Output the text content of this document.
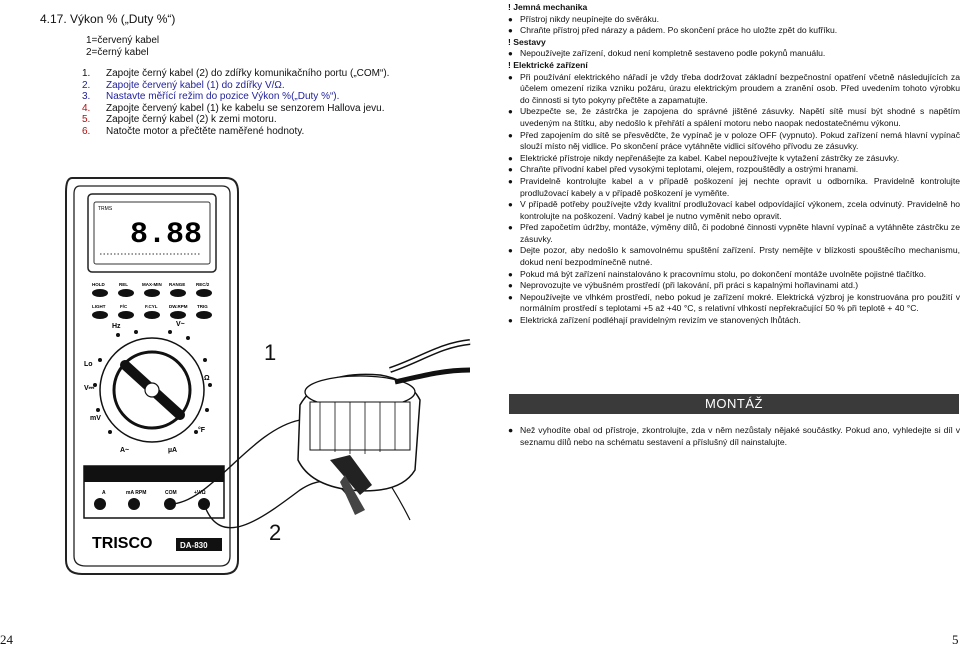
4.17. Výkon % („Duty %“)
1=červený kabel
2=černý kabel
1.	Zapojte černý kabel (2) do zdířky komunikačního portu („COM“).
2.	Zapojte červený kabel (1) do zdířky V/Ω.
3.	Nastavte měřící režim do pozice Výkon %(„Duty %“).
4.	Zapojte červený kabel (1) ke kabelu se senzorem Hallova jevu.
5.	Zapojte černý kabel (2) k zemi motoru.
6.	Natočte motor a přečtěte naměřené hodnoty.
TRMS
8.88
HOLD	REL	MAX-MIN RANGE REC/2
LIGHT	F/C	F.CYL	DW.RPM TRIG
Hz	V~
Ω
Lo
V⎓
mV
A~	µA
°F
A	mA RPM	COM	+V/Ω
TRISCO	DA-830
1
2
24
! Jemná mechanika
● Přístroj nikdy neupínejte do svěráku.
● Chraňte přístroj před nárazy a pádem. Po skončení práce ho uložte zpět do kufříku.
! Sestavy
● Nepoužívejte zařízení, dokud není kompletně sestaveno podle pokynů manuálu.
! Elektrické zařízení
● Při používání elektrického nářadí je vždy třeba dodržovat základní bezpečnostní opatření včetně následujících za účelem omezení rizika vzniku požáru, úrazu elektrickým proudem a zranění osob. Před uvedením tohoto výrobku do činnosti si tyto pokyny přečtěte a zapamatujte.
● Ubezpečte se, že zástrčka je zapojena do správné jištěné zásuvky. Napětí sítě musí být shodné s napětím uvedeným na štítku, aby nedošlo k přehřátí a spálení motoru nebo naopak nedostatečnému výkonu.
● Před zapojením do sítě se přesvědčte, že vypínač je v poloze OFF (vypnuto). Pokud zařízení nemá hlavní vypínač slouží místo něj vidlice. Po skončení práce vytáhněte vidlici síťového přívodu ze zásuvky.
● Elektrické přístroje nikdy nepřenášejte za kabel. Kabel nepoužívejte k vytažení zástrčky ze zásuvky.
● Chraňte přívodní kabel před vysokými teplotami, olejem, rozpouštědly a ostrými hranami.
● Pravidelně kontrolujte kabel a v případě poškození jej nechte opravit u odborníka. Pravidelně kontrolujte prodlužovací kabely a v případě poškození je vyměňte.
● V případě potřeby používejte vždy kvalitní prodlužovací kabel odpovídající výkonem, zcela odvinutý. Pravidelně ho kontrolujte na poškození. Vadný kabel je nutno vyměnit nebo opravit.
● Před započetím údržby, montáže, výměny dílů, či podobné činnosti vypněte hlavní vypínač a vytáhněte zástrčku ze zásuvky.
● Dejte pozor, aby nedošlo k samovolnému spuštění zařízení. Prsty nemějte v blízkosti spouštěcího mechanismu, dokud není bezpodmínečně nutné.
● Pokud má být zařízení nainstalováno k pracovnímu stolu, po dokončení montáže uvolněte pojistné tlačítko.
● Neprovozujte ve výbušném prostředí (při lakování, při práci s kapalnými hořlavinami atd.)
● Nepoužívejte ve vlhkém prostředí, nebo pokud je zařízení mokré. Elektrická výzbroj je konstruována pro použití v normálním prostředí s teplotami +5 až +40 °C, s relativní vlhkostí nepřekračující 50 % při teplotě + 40 °C.
● Elektrická zařízení podléhají pravidelným revizím ve stanovených lhůtách.
MONTÁŽ
● Než vyhodíte obal od přístroje, zkontrolujte, zda v něm nezůstaly nějaké součástky. Pokud ano, vyhledejte si díl v seznamu dílů nebo na schématu sestavení a příslušný díl nainstalujte.
5
